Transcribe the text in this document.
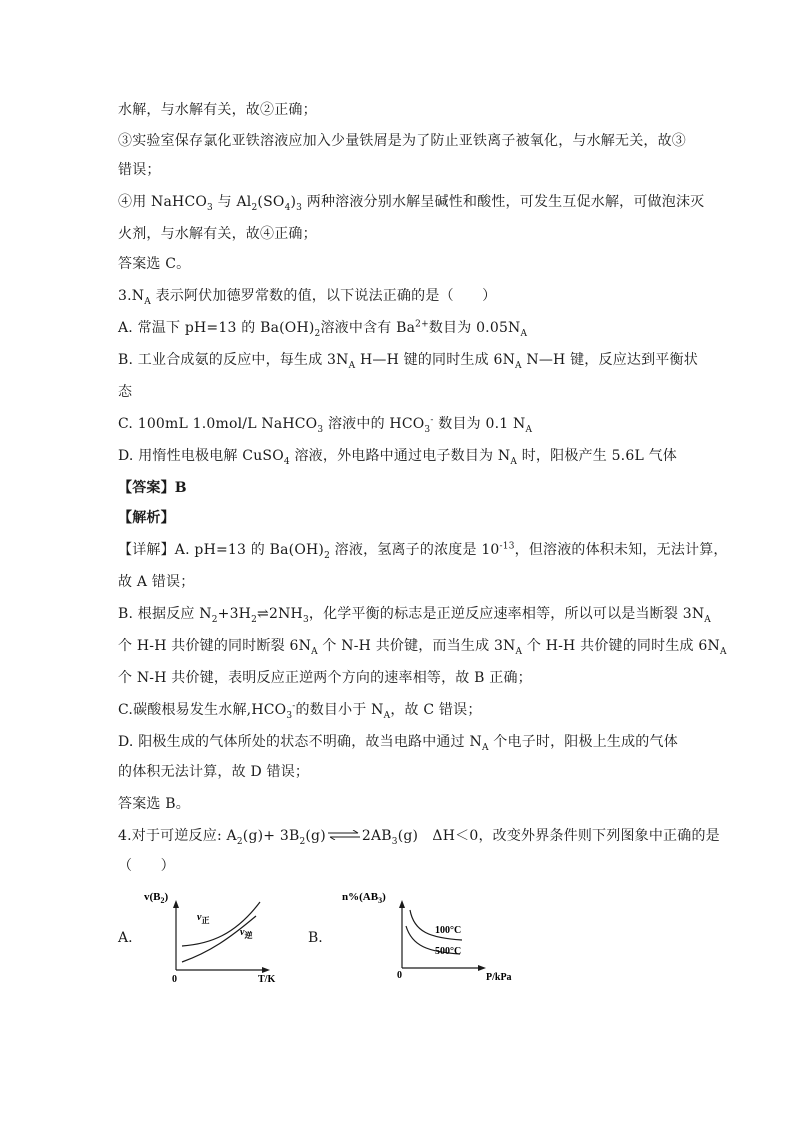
水解，与水解有关，故②正确；
③实验室保存氯化亚铁溶液应加入少量铁屑是为了防止亚铁离子被氧化，与水解无关，故③
错误；
④用 NaHCO$_3$ 与 $Al_2(SO_4)_3$ 两种溶液分别水解呈碱性和酸性，可发生互促水解，可做泡沫灭
火剂，与水解有关，故④正确；
答案选 C。
$3.N_A$ 表示阿伏加德罗常数的值，以下说法正确的是（　　）
A. 常温下 pH=13 的 $Ba(OH)_2$溶液中含有 $Ba^{2+}$数目为 $0.05N_A$
B. 工业合成氨的反应中，每生成 $3N_A$ H—H 键的同时生成 $6N_A$ N—H 键，反应达到平衡状
态
C. 100mL 1.0mol/L NaHCO$_3$ 溶液中的 $HCO_3^-$ 数目为 0.1 $N_A$
D. 用惰性电极电解 CuSO$_4$ 溶液，外电路中通过电子数目为 $N_A$ 时，阳极产生 5.6L 气体
【答案】B
【解析】
【详解】A. pH=13 的 $Ba(OH)_2$ 溶液，氢离子的浓度是 $10^{-13}$，但溶液的体积未知，无法计算，
故 A 错误；
B. 根据反应 $N_2+3H_2\rightleftharpoons 2NH_3$，化学平衡的标志是正逆反应速率相等，所以可以是当断裂 $3N_A$
个 H-H 共价键的同时断裂 $6N_A$ 个 N-H 共价键，而当生成 $3N_A$ 个 H-H 共价键的同时生成 $6N_A$
个 N-H 共价键，表明反应正逆两个方向的速率相等，故 B 正确；
C.碳酸根易发生水解$,HCO_3^-$的数目小于 $N_A$，故 C 错误；
D. 阳极生成的气体所处的状态不明确，故当电路中通过 $N_A$ 个电子时，阳极上生成的气体
的体积无法计算，故 D 错误；
答案选 B。
4.对于可逆反应: $A_2(g)+$ $3B_2(g)\rightleftharpoons 2AB_3(g)$　ΔH＜0，改变外界条件则下列图象中正确的是
（　　）
A.
$v(B_2)$
$v_正$
$v_逆$
0	T/K
B.
$n\%(AB_3)$
100°C
500°C
0	P/kPa
